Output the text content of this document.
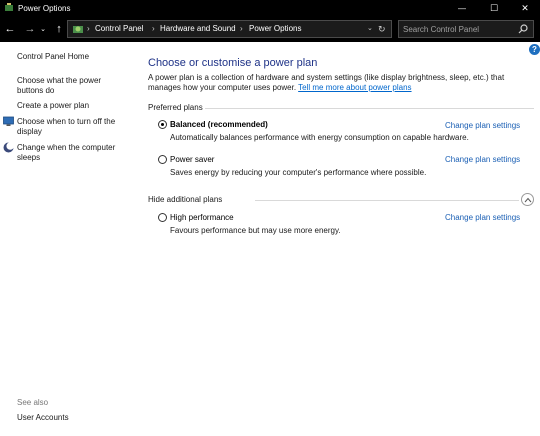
Power Options	—	☐	✕
← → ⌄ ↑	› Control Panel › Hardware and Sound › Power Options	⌄ ↻
Search Control Panel
Control Panel Home
Choose what the power buttons do
Create a power plan
Choose when to turn off the display
Change when the computer sleeps
See also
User Accounts
?
Choose or customise a power plan
A power plan is a collection of hardware and system settings (like display brightness, sleep, etc.) that manages how your computer uses power. Tell me more about power plans
Preferred plans
Balanced (recommended)	Change plan settings
Automatically balances performance with energy consumption on capable hardware.
Power saver	Change plan settings
Saves energy by reducing your computer's performance where possible.
Hide additional plans
High performance	Change plan settings
Favours performance but may use more energy.
